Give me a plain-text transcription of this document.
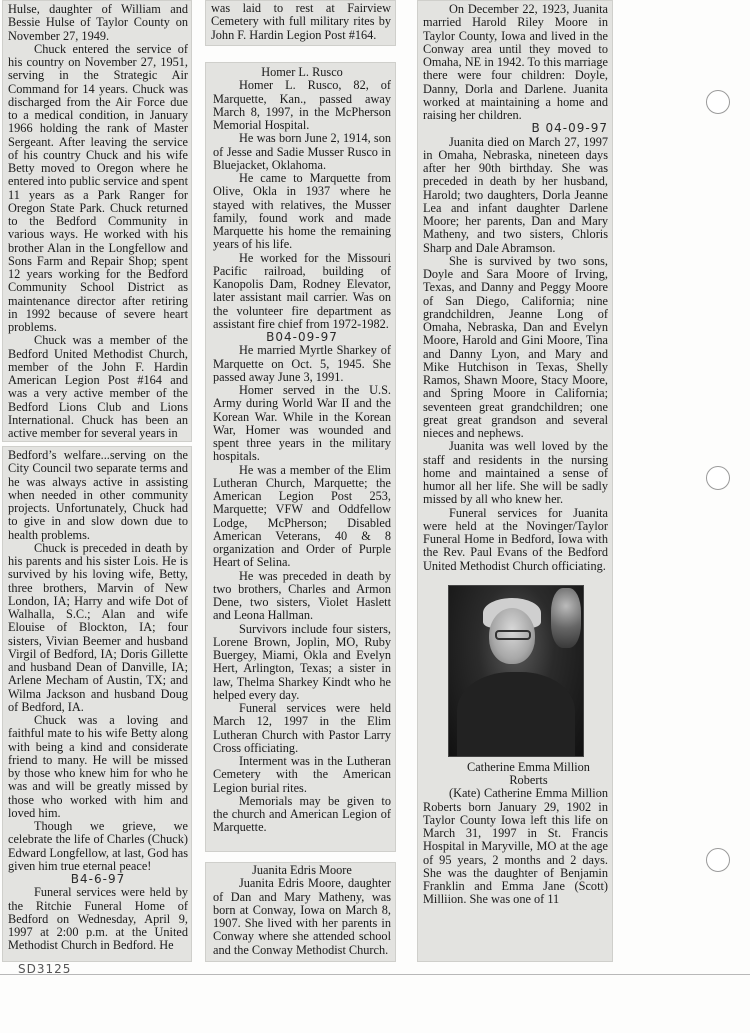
Hulse, daughter of William and Bessie Hulse of Taylor County on November 27, 1949.

Chuck entered the service of his country on November 27, 1951, serving in the Strategic Air Command for 14 years. Chuck was discharged from the Air Force due to a medical condition, in January 1966 holding the rank of Master Sergeant. After leaving the service of his country Chuck and his wife Betty moved to Oregon where he entered into public service and spent 11 years as a Park Ranger for Oregon State Park. Chuck returned to the Bedford Community in various ways. He worked with his brother Alan in the Longfellow and Sons Farm and Repair Shop; spent 12 years working for the Bedford Community School District as maintenance director after retiring in 1992 because of severe heart problems.

Chuck was a member of the Bedford United Methodist Church, member of the John F. Hardin American Legion Post #164 and was a very active member of the Bedford Lions Club and Lions International. Chuck has been an active member for several years in

Bedford’s welfare...serving on the City Council two separate terms and he was always active in assisting when needed in other community projects. Unfortunately, Chuck had to give in and slow down due to health problems.

Chuck is preceded in death by his parents and his sister Lois. He is survived by his loving wife, Betty, three brothers, Marvin of New London, IA; Harry and wife Dot of Walhalla, S.C.; Alan and wife Elouise of Blockton, IA; four sisters, Vivian Beemer and husband Virgil of Bedford, IA; Doris Gillette and husband Dean of Danville, IA; Arlene Mecham of Austin, TX; and Wilma Jackson and husband Doug of Bedford, IA.

Chuck was a loving and faithful mate to his wife Betty along with being a kind and considerate friend to many. He will be missed by those who knew him for who he was and will be greatly missed by those who worked with him and loved him.

Though we grieve, we celebrate the life of Charles (Chuck) Edward Longfellow, at last, God has given him true eternal peace!

B4-6-97

Funeral services were held by the Ritchie Funeral Home of Bedford on Wednesday, April 9, 1997 at 2:00 p.m. at the United Methodist Church in Bedford. He

was laid to rest at Fairview Cemetery with full military rites by John F. Hardin Legion Post #164.

Homer L. Rusco

Homer L. Rusco, 82, of Marquette, Kan., passed away March 8, 1997, in the McPherson Memorial Hospital.

He was born June 2, 1914, son of Jesse and Sadie Musser Rusco in Bluejacket, Oklahoma.

He came to Marquette from Olive, Okla in 1937 where he stayed with relatives, the Musser family, found work and made Marquette his home the remaining years of his life.

He worked for the Missouri Pacific railroad, building of Kanopolis Dam, Rodney Elevator, later assistant mail carrier. Was on the volunteer fire department as assistant fire chief from 1972-1982.

B04-09-97

He married Myrtle Sharkey of Marquette on Oct. 5, 1945. She passed away June 3, 1991.

Homer served in the U.S. Army during World War II and the Korean War. While in the Korean War, Homer was wounded and spent three years in the military hospitals.

He was a member of the Elim Lutheran Church, Marquette; the American Legion Post 253, Marquette; VFW and Oddfellow Lodge, McPherson; Disabled American Veterans, 40 & 8 organization and Order of Purple Heart of Selina.

He was preceded in death by two brothers, Charles and Armon Dene, two sisters, Violet Haslett and Leona Hallman.

Survivors include four sisters, Lorene Brown, Joplin, MO, Ruby Buergey, Miami, Okla and Evelyn Hert, Arlington, Texas; a sister in law, Thelma Sharkey Kindt who he helped every day.

Funeral services were held March 12, 1997 in the Elim Lutheran Church with Pastor Larry Cross officiating.

Interment was in the Lutheran Cemetery with the American Legion burial rites.

Memorials may be given to the church and American Legion of Marquette.

Juanita Edris Moore

Juanita Edris Moore, daughter of Dan and Mary Matheny, was born at Conway, Iowa on March 8, 1907. She lived with her parents in Conway where she attended school and the Conway Methodist Church.

On December 22, 1923, Juanita married Harold Riley Moore in Taylor County, Iowa and lived in the Conway area until they moved to Omaha, NE in 1942. To this marriage there were four children: Doyle, Danny, Dorla and Darlene. Juanita worked at maintaining a home and raising her children.

B 04-09-97

Juanita died on March 27, 1997 in Omaha, Nebraska, nineteen days after her 90th birthday. She was preceded in death by her husband, Harold; two daughters, Dorla Jeanne Lea and infant daughter Darlene Moore; her parents, Dan and Mary Matheny, and two sisters, Chloris Sharp and Dale Abramson.

She is survived by two sons, Doyle and Sara Moore of Irving, Texas, and Danny and Peggy Moore of San Diego, California; nine grandchildren, Jeanne Long of Omaha, Nebraska, Dan and Evelyn Moore, Harold and Gini Moore, Tina and Danny Lyon, and Mary and Mike Hutchison in Texas, Shelly Ramos, Shawn Moore, Stacy Moore, and Spring Moore in California; seventeen great grandchildren; one great great grandson and several nieces and nephews.

Juanita was well loved by the staff and residents in the nursing home and maintained a sense of humor all her life. She will be sadly missed by all who knew her.

Funeral services for Juanita were held at the Novinger/Taylor Funeral Home in Bedford, Iowa with the Rev. Paul Evans of the Bedford United Methodist Church officiating.

Catherine Emma Million

Roberts

(Kate) Catherine Emma Million Roberts born January 29, 1902 in Taylor County Iowa left this life on March 31, 1997 in St. Francis Hospital in Maryville, MO at the age of 95 years, 2 months and 2 days. She was the daughter of Benjamin Franklin and Emma Jane (Scott) Milliion. She was one of 11

SD3125
